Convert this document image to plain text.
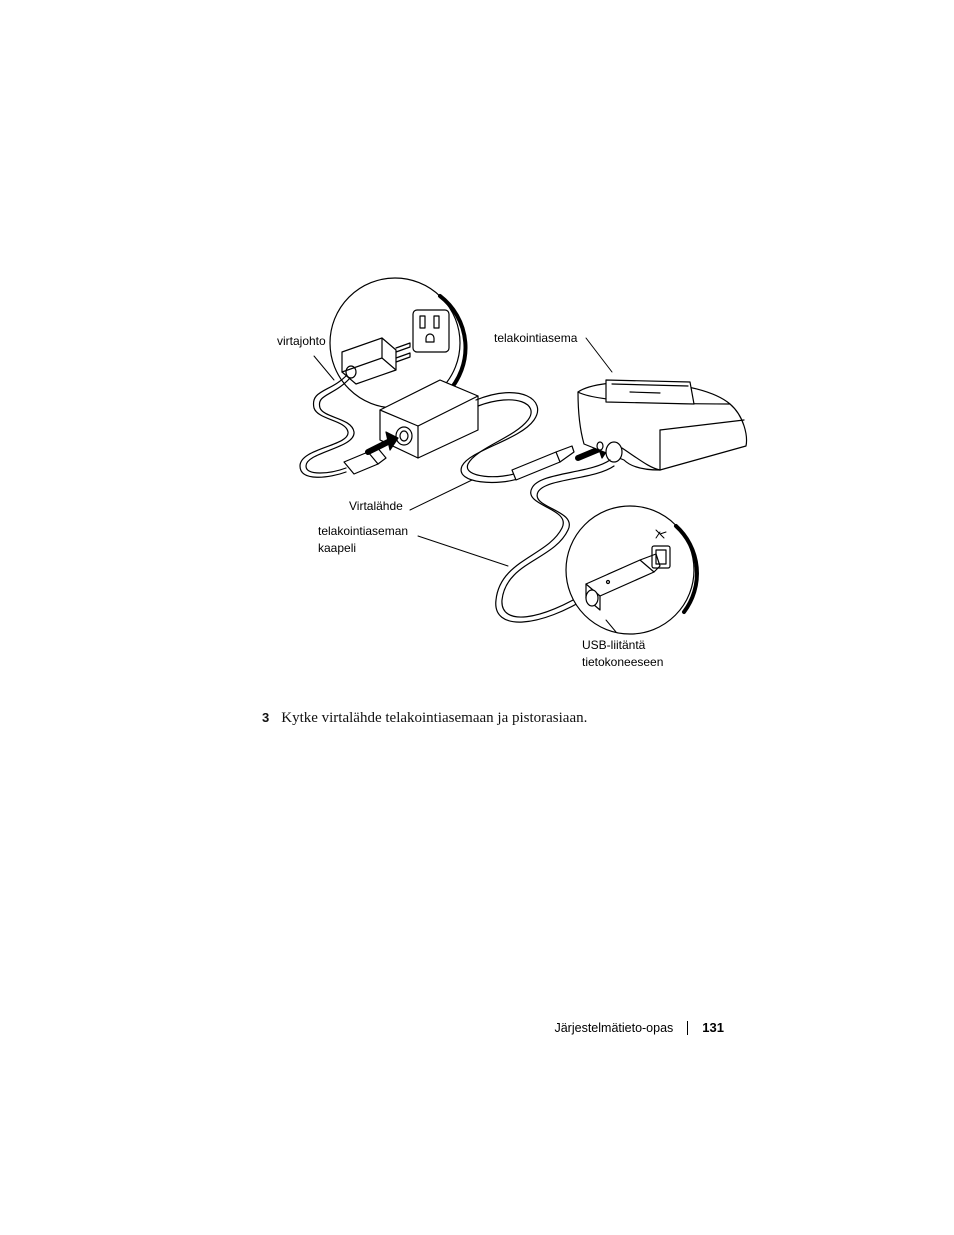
virtajohto	telakointiasema
Virtalähde
telakointiaseman
kaapeli
USB-liitäntä
tietokoneeseen
3 Kytke virtalähde telakointiasemaan ja pistorasiaan.
Järjestelmätieto-opas 131
